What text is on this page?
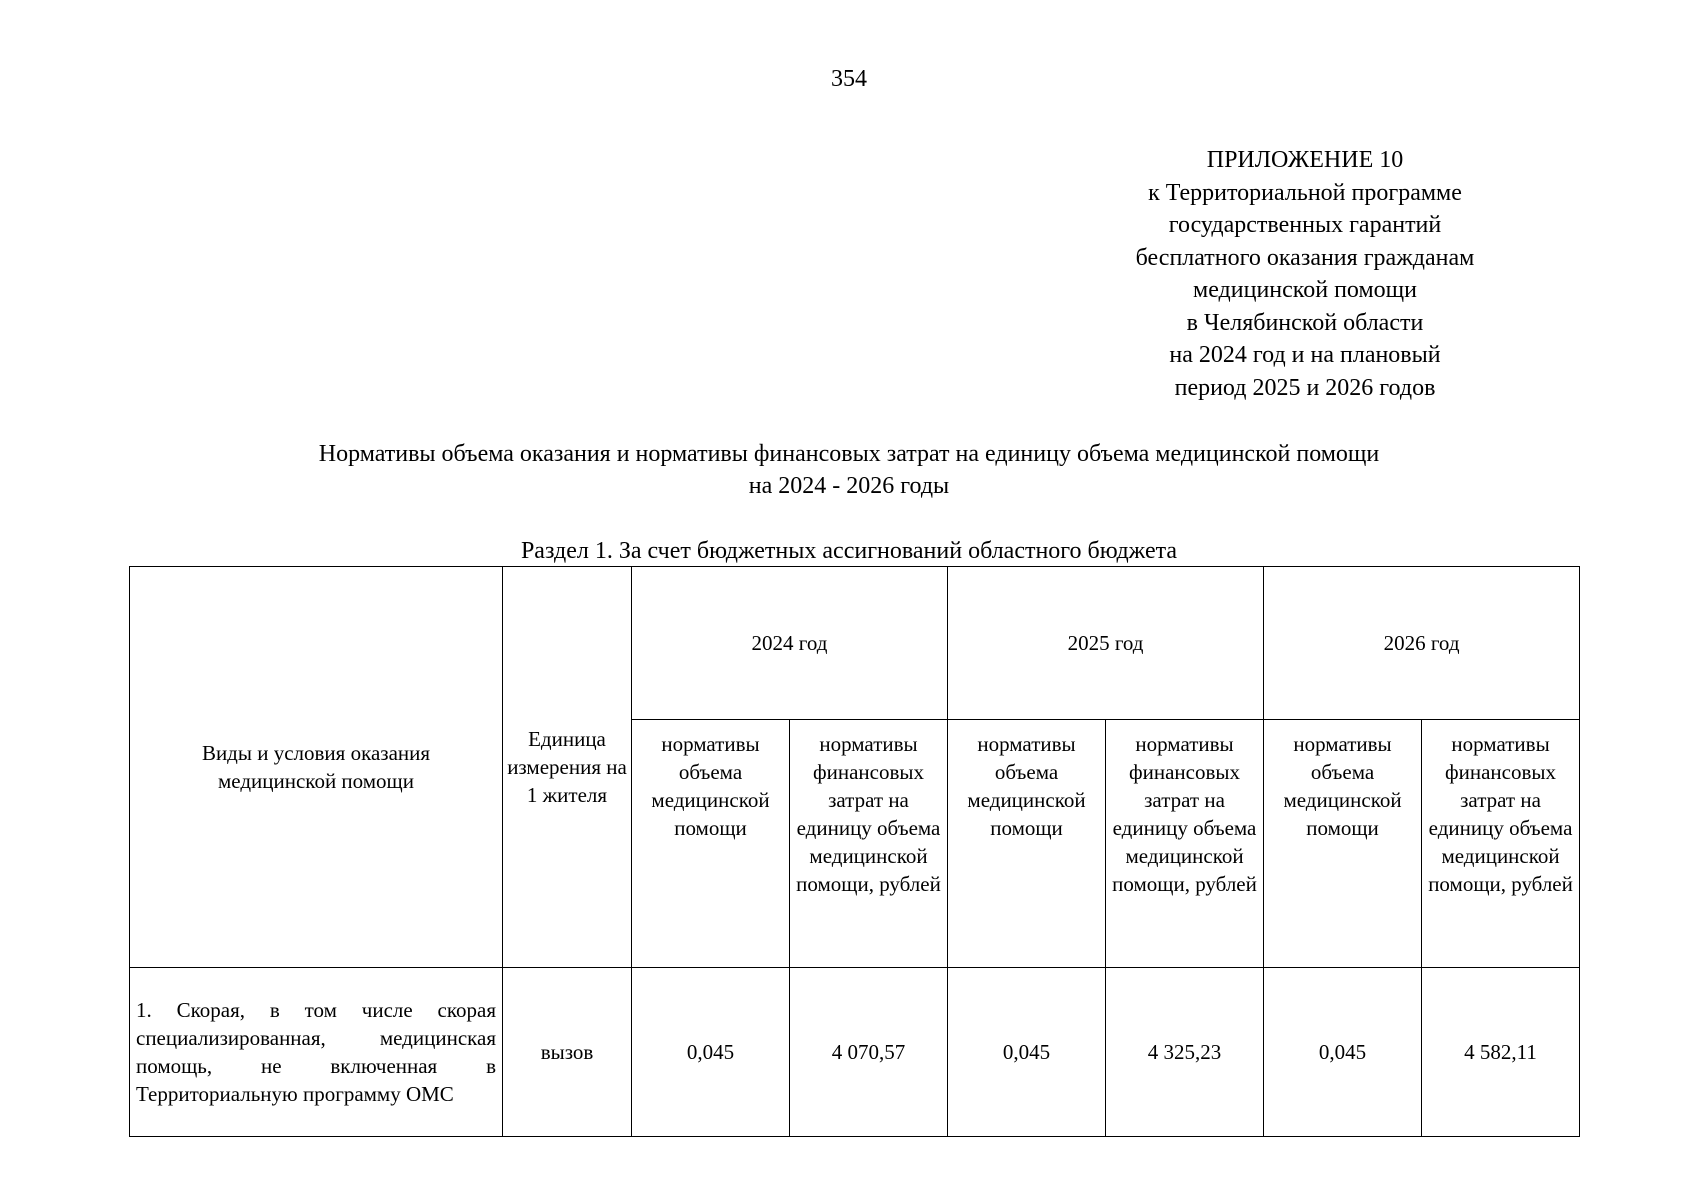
354
ПРИЛОЖЕНИЕ 10
к Территориальной программе
государственных гарантий
бесплатного оказания гражданам
медицинской помощи
в Челябинской области
на 2024 год и на плановый
период 2025 и 2026 годов
Нормативы объема оказания и нормативы финансовых затрат на единицу объема медицинской помощи
на 2024 - 2026 годы
Раздел 1. За счет бюджетных ассигнований областного бюджета
Виды и условия оказания медицинской помощи	Единица измерения на 1 жителя	2024 год		2025 год		2026 год	
		нормативы объема медицинской помощи	нормативы финансовых затрат на единицу объема медицинской помощи, рублей	нормативы объема медицинской помощи	нормативы финансовых затрат на единицу объема медицинской помощи, рублей	нормативы объема медицинской помощи	нормативы финансовых затрат на единицу объема медицинской помощи, рублей
1. Скорая, в том числе скорая специализированная, медицинская помощь, не включенная в Территориальную программу ОМС	вызов	0,045	4 070,57	0,045	4 325,23	0,045	4 582,11
